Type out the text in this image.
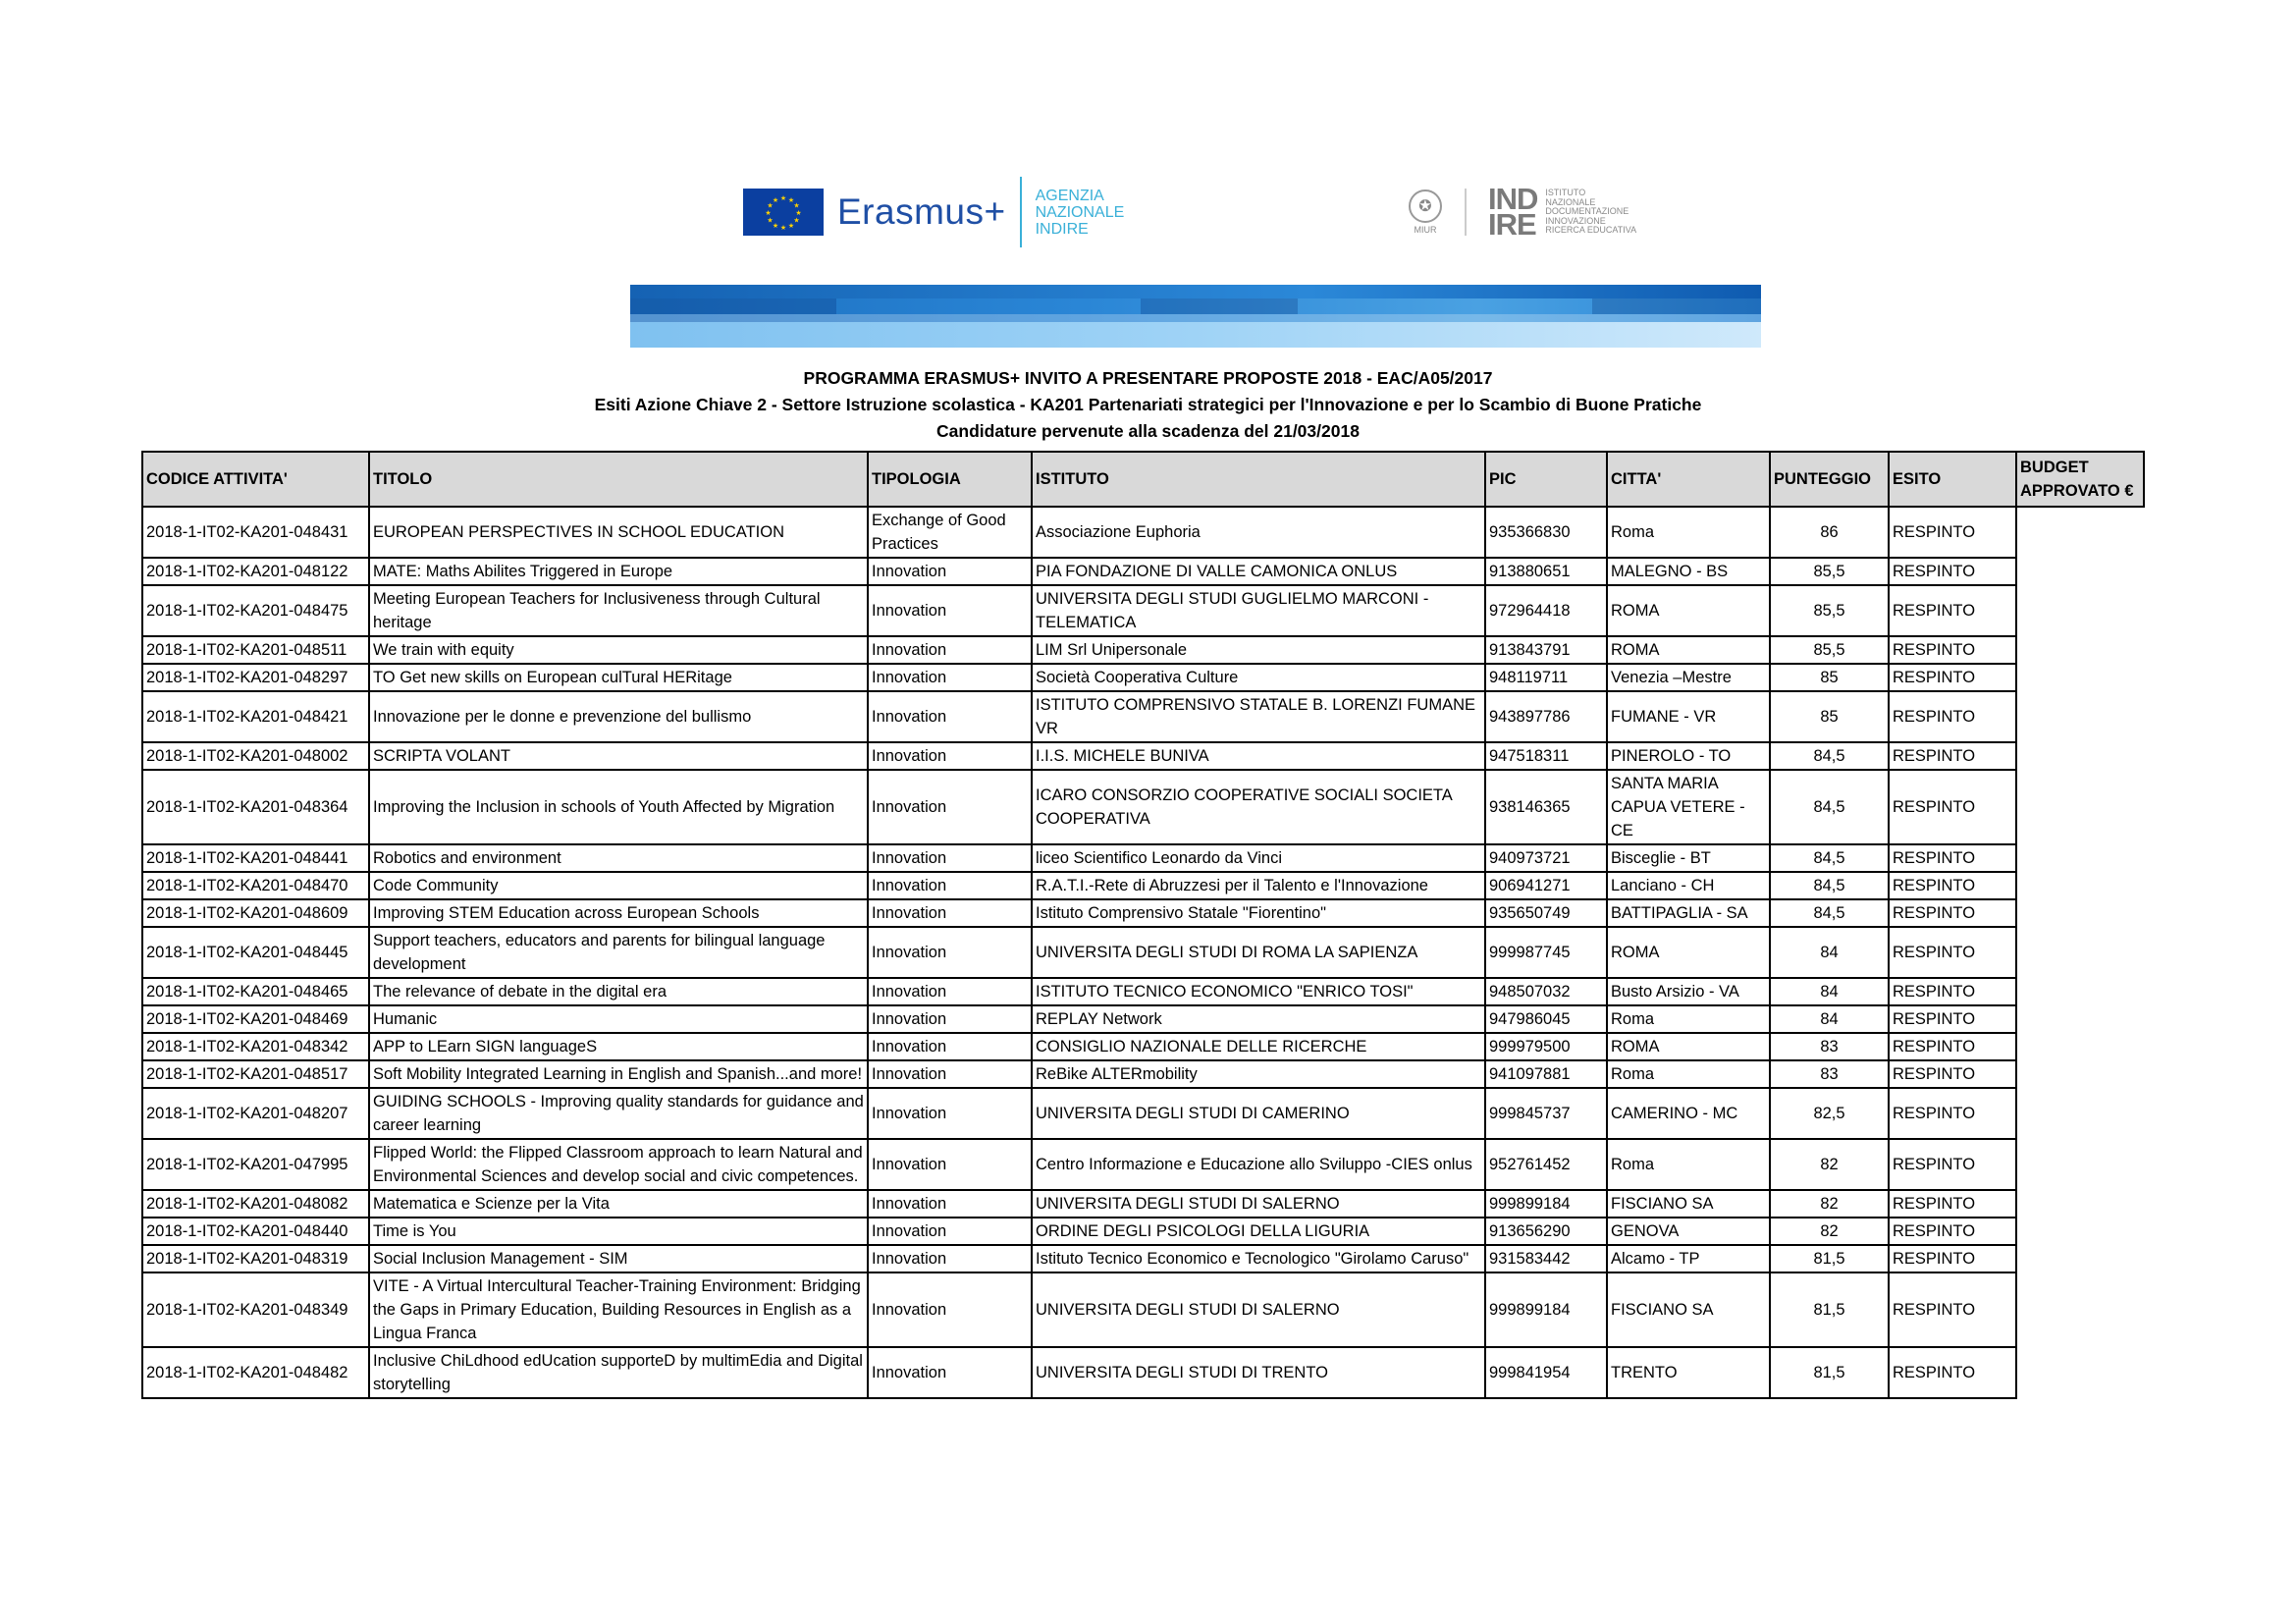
★ ★
★
★
★
★
★
★
★
★
★
★ Erasmus+ AGENZIA
NAZIONALE
INDIRE
✪
MIUR
IND
IRE
ISTITUTO
NAZIONALE
DOCUMENTAZIONE
INNOVAZIONE
RICERCA EDUCATIVA
PROGRAMMA ERASMUS+ INVITO A PRESENTARE PROPOSTE 2018 - EAC/A05/2017
Esiti Azione Chiave 2 - Settore Istruzione scolastica - KA201 Partenariati strategici per l'Innovazione e per lo Scambio di Buone Pratiche
Candidature pervenute alla scadenza del 21/03/2018
CODICE ATTIVITA'	TITOLO	TIPOLOGIA	ISTITUTO	PIC	CITTA'	PUNTEGGIO	ESITO	BUDGET APPROVATO €
2018-1-IT02-KA201-048431	EUROPEAN PERSPECTIVES IN SCHOOL EDUCATION	Exchange of Good Practices	Associazione Euphoria	935366830	Roma	86	RESPINTO	
2018-1-IT02-KA201-048122	MATE: Maths Abilites Triggered in Europe	Innovation	PIA FONDAZIONE DI VALLE CAMONICA ONLUS	913880651	MALEGNO - BS	85,5	RESPINTO	
2018-1-IT02-KA201-048475	Meeting European Teachers for Inclusiveness through Cultural heritage	Innovation	UNIVERSITA DEGLI STUDI GUGLIELMO MARCONI - TELEMATICA	972964418	ROMA	85,5	RESPINTO	
2018-1-IT02-KA201-048511	We train with equity	Innovation	LIM Srl Unipersonale	913843791	ROMA	85,5	RESPINTO	
2018-1-IT02-KA201-048297	TO Get new skills on European culTural HERitage	Innovation	Società Cooperativa Culture	948119711	Venezia –Mestre	85	RESPINTO	
2018-1-IT02-KA201-048421	Innovazione per le donne e prevenzione del bullismo	Innovation	ISTITUTO COMPRENSIVO STATALE B. LORENZI FUMANE VR	943897786	FUMANE - VR	85	RESPINTO	
2018-1-IT02-KA201-048002	SCRIPTA VOLANT	Innovation	I.I.S. MICHELE BUNIVA	947518311	PINEROLO - TO	84,5	RESPINTO	
2018-1-IT02-KA201-048364	Improving the Inclusion in schools of Youth Affected by Migration	Innovation	ICARO CONSORZIO COOPERATIVE SOCIALI SOCIETA COOPERATIVA	938146365	SANTA MARIA CAPUA VETERE - CE	84,5	RESPINTO	
2018-1-IT02-KA201-048441	Robotics and environment	Innovation	liceo Scientifico Leonardo da Vinci	940973721	Bisceglie - BT	84,5	RESPINTO	
2018-1-IT02-KA201-048470	Code Community	Innovation	R.A.T.I.-Rete di Abruzzesi per il Talento e l'Innovazione	906941271	Lanciano - CH	84,5	RESPINTO	
2018-1-IT02-KA201-048609	Improving STEM Education across European Schools	Innovation	Istituto Comprensivo Statale "Fiorentino"	935650749	BATTIPAGLIA - SA	84,5	RESPINTO	
2018-1-IT02-KA201-048445	Support teachers, educators and parents for bilingual language development	Innovation	UNIVERSITA DEGLI STUDI DI ROMA LA SAPIENZA	999987745	ROMA	84	RESPINTO	
2018-1-IT02-KA201-048465	The relevance of debate in the digital era	Innovation	ISTITUTO TECNICO ECONOMICO "ENRICO TOSI"	948507032	Busto Arsizio - VA	84	RESPINTO	
2018-1-IT02-KA201-048469	Humanic	Innovation	REPLAY Network	947986045	Roma	84	RESPINTO	
2018-1-IT02-KA201-048342	APP to LEarn SIGN languageS	Innovation	CONSIGLIO NAZIONALE DELLE RICERCHE	999979500	ROMA	83	RESPINTO	
2018-1-IT02-KA201-048517	Soft Mobility Integrated Learning in English and Spanish...and more!	Innovation	ReBike ALTERmobility	941097881	Roma	83	RESPINTO	
2018-1-IT02-KA201-048207	GUIDING SCHOOLS - Improving quality standards for guidance and career learning	Innovation	UNIVERSITA DEGLI STUDI DI CAMERINO	999845737	CAMERINO - MC	82,5	RESPINTO	
2018-1-IT02-KA201-047995	Flipped World: the Flipped Classroom approach to learn Natural and Environmental Sciences and develop social and civic competences.	Innovation	Centro Informazione e Educazione allo Sviluppo -CIES onlus	952761452	Roma	82	RESPINTO	
2018-1-IT02-KA201-048082	Matematica e Scienze per la Vita	Innovation	UNIVERSITA DEGLI STUDI DI SALERNO	999899184	FISCIANO SA	82	RESPINTO	
2018-1-IT02-KA201-048440	Time is You	Innovation	ORDINE DEGLI PSICOLOGI DELLA LIGURIA	913656290	GENOVA	82	RESPINTO	
2018-1-IT02-KA201-048319	Social Inclusion Management - SIM	Innovation	Istituto Tecnico Economico e Tecnologico "Girolamo Caruso"	931583442	Alcamo - TP	81,5	RESPINTO	
2018-1-IT02-KA201-048349	VITE - A Virtual Intercultural Teacher-Training Environment: Bridging the Gaps in Primary Education, Building Resources in English as a Lingua Franca	Innovation	UNIVERSITA DEGLI STUDI DI SALERNO	999899184	FISCIANO SA	81,5	RESPINTO	
2018-1-IT02-KA201-048482	Inclusive ChiLdhood edUcation supporteD by multimEdia and Digital storytelling	Innovation	UNIVERSITA DEGLI STUDI DI TRENTO	999841954	TRENTO	81,5	RESPINTO	
